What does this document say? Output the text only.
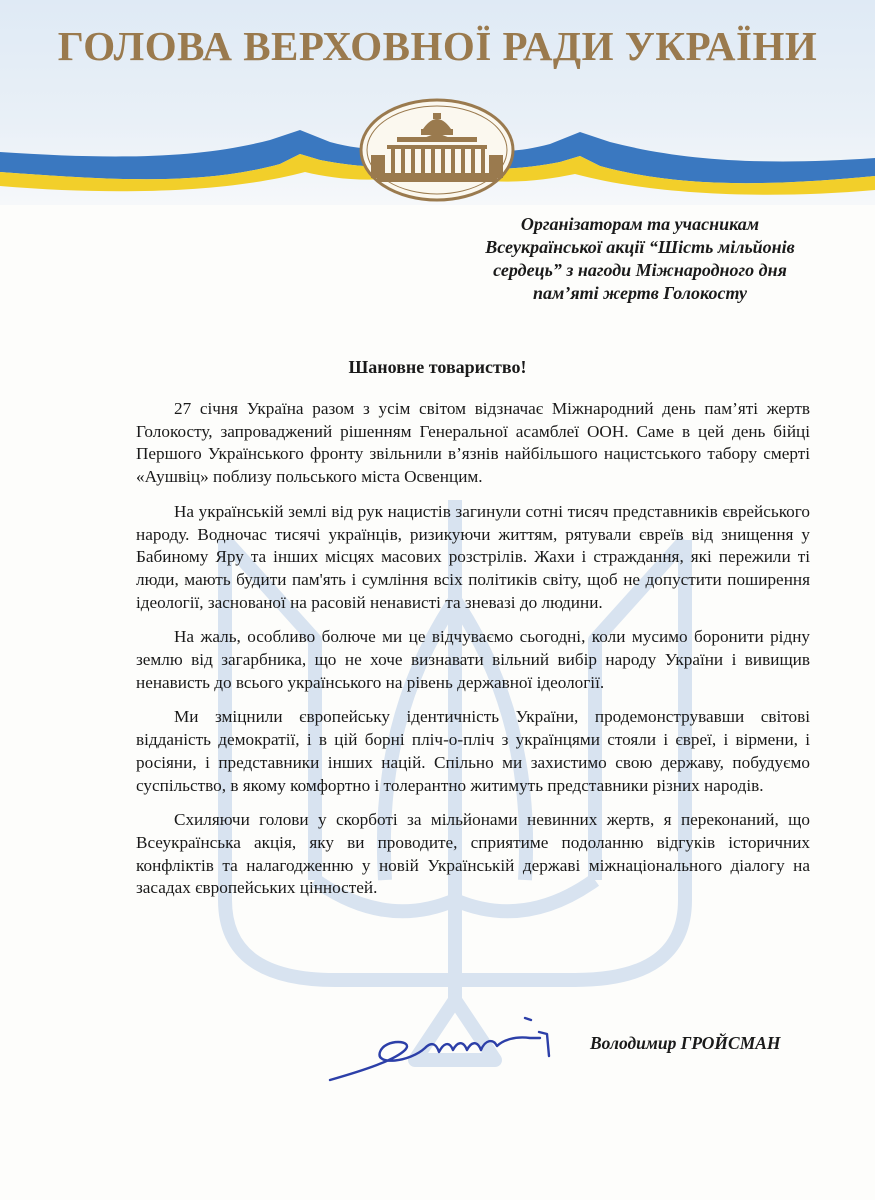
ГОЛОВА ВЕРХОВНОЇ РАДИ УКРАЇНИ
Організаторам та учасникам
Всеукраїнської акції “Шість мільйонів
сердець” з нагоди Міжнародного дня
пам’яті жертв Голокосту
Шановне товариство!

27 січня Україна разом з усім світом відзначає Міжнародний день пам’яті жертв Голокосту, запроваджений рішенням Генеральної асамблеї ООН. Саме в цей день бійці Першого Українського фронту звільнили в’язнів найбільшого нацистського табору смерті «Аушвіц» поблизу польського міста Освенцим.

На українській землі від рук нацистів загинули сотні тисяч представників єврейського народу. Водночас тисячі українців, ризикуючи життям, рятували євреїв від знищення у Бабиному Яру та інших місцях масових розстрілів. Жахи і страждання, які пережили ті люди, мають будити пам'ять і сумління всіх політиків світу, щоб не допустити поширення ідеології, заснованої на расовій ненависті та зневазі до людини.

На жаль, особливо болюче ми це відчуваємо сьогодні, коли мусимо боронити рідну землю від загарбника, що не хоче визнавати вільний вибір народу України і вивищив ненависть до всього українського на рівень державної ідеології.

Ми зміцнили європейську ідентичність України, продемонструвавши світові відданість демократії, і в цій борні пліч-о-пліч з українцями стояли і євреї, і вірмени, і росіяни, і представники інших націй. Спільно ми захистимо свою державу, побудуємо суспільство, в якому комфортно і толерантно житимуть представники різних народів.

Схиляючи голови у скорботі за мільйонами невинних жертв, я переконаний, що Всеукраїнська акція, яку ви проводите, сприятиме подоланню відгуків історичних конфліктів та налагодженню у новій Українській державі міжнаціонального діалогу на засадах європейських цінностей.

Володимир ГРОЙСМАН
